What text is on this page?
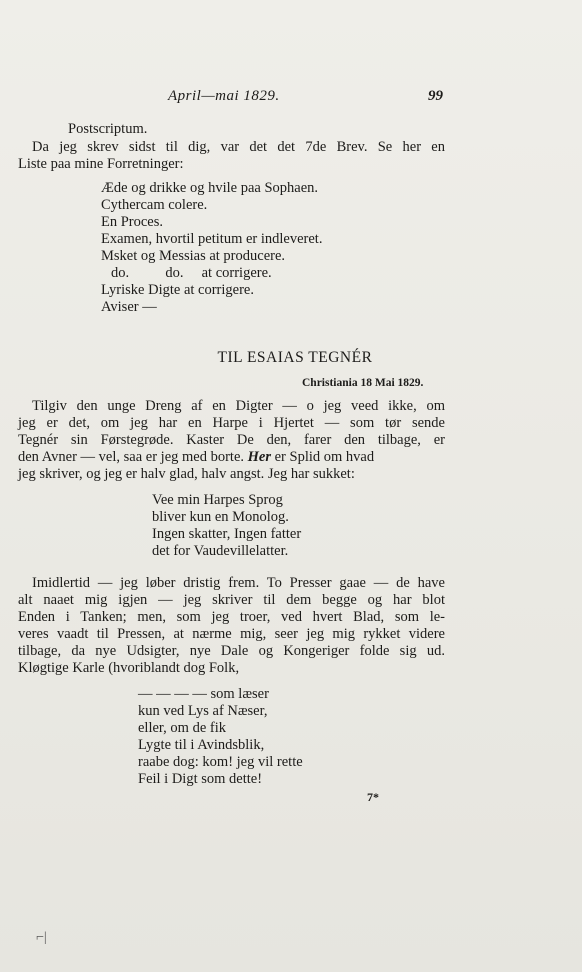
April—mai 1829.	99
Postscriptum.
Da jeg skrev sidst til dig, var det det 7de Brev. Se her en
Liste paa mine Forretninger:
Æde og drikke og hvile paa Sophaen.
Cythercam colere.
En Proces.
Examen, hvortil petitum er indleveret.
Msket og Messias at producere.
do.          do.     at corrigere.
Lyriske Digte at corrigere.
Aviser —
TIL ESAIAS TEGNÉR
Christiania 18 Mai 1829.
Tilgiv den unge Dreng af en Digter — o jeg veed ikke, om
jeg er det, om jeg har en Harpe i Hjertet — som tør sende
Tegnér sin Førstegrøde. Kaster De den, farer den tilbage, er
den Avner — vel, saa er jeg med borte. Her er Splid om hvad
jeg skriver, og jeg er halv glad, halv angst. Jeg har sukket:
Vee min Harpes Sprog
bliver kun en Monolog.
Ingen skatter, Ingen fatter
det for Vaudevillelatter.
Imidlertid — jeg løber dristig frem. To Presser gaae — de have
alt naaet mig igjen — jeg skriver til dem begge og har blot
Enden i Tanken; men, som jeg troer, ved hvert Blad, som le-
veres vaadt til Pressen, at nærme mig, seer jeg mig rykket videre
tilbage, da nye Udsigter, nye Dale og Kongeriger folde sig ud.
Kløgtige Karle (hvoriblandt dog Folk,
— — — — som læser
kun ved Lys af Næser,
eller, om de fik
Lygte til i Avindsblik,
raabe dog: kom! jeg vil rette
Feil i Digt som dette!
7*
⌐|
